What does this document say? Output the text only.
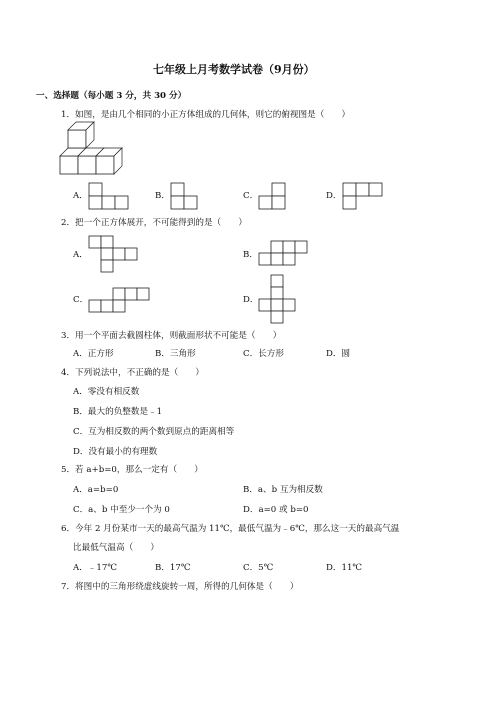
七年级上月考数学试卷（9月份）
一、选择题（每小题 3 分，共 30 分）
1．如图，是由几个相同的小正方体组成的几何体，则它的俯视图是（　　）
A．	B．	C．	D．
2．把一个正方体展开，不可能得到的是（　　）
A．	B．
C．	D．
3．用一个平面去截圆柱体，则截面形状不可能是（　　）
A．正方形	B．三角形	C．长方形	D．圆
4．下列说法中，不正确的是（　　）
A．零没有相反数
B．最大的负整数是﹣1
C．互为相反数的两个数到原点的距离相等
D．没有最小的有理数
5．若 a+b=0，那么一定有（　　）
A．a=b=0	B．a、b 互为相反数
C．a、b 中至少一个为 0	D．a=0 或 b=0
6．今年 2 月份某市一天的最高气温为 11℃，最低气温为﹣6℃，那么这一天的最高气温
比最低气温高（　　）
A．﹣17℃	B．17℃	C．5℃	D．11℃
7．将图中的三角形绕虚线旋转一周，所得的几何体是（　　）
